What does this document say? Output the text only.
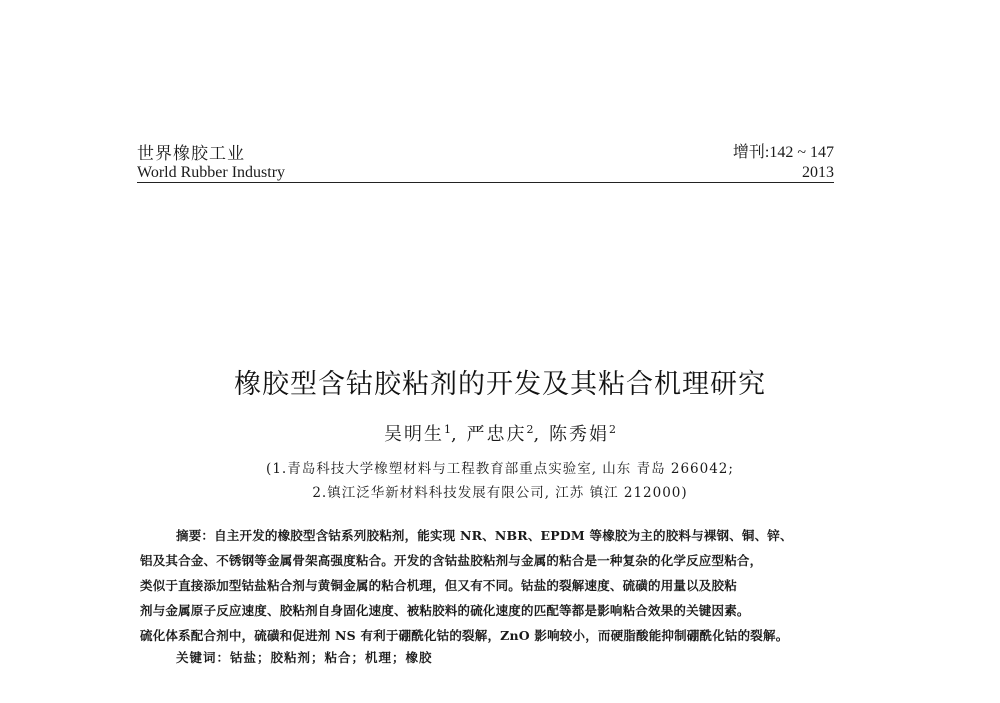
世界橡胶工业
World Rubber Industry
增刊:142 ~ 147
2013
橡胶型含钴胶粘剂的开发及其粘合机理研究
吴明生$^1$, 严忠庆$^2$, 陈秀娟$^2$
(1.青岛科技大学橡塑材料与工程教育部重点实验室, 山东 青岛 266042;
2.镇江泛华新材料科技发展有限公司, 江苏 镇江 212000)
摘要：自主开发的橡胶型含钴系列胶粘剂，能实现 NR、NBR、EPDM 等橡胶为主的胶料与裸钢、铜、锌、
铝及其合金、不锈钢等金属骨架高强度粘合。开发的含钴盐胶粘剂与金属的粘合是一种复杂的化学反应型粘合，
类似于直接添加型钴盐粘合剂与黄铜金属的粘合机理，但又有不同。钴盐的裂解速度、硫磺的用量以及胶粘
剂与金属原子反应速度、胶粘剂自身固化速度、被粘胶料的硫化速度的匹配等都是影响粘合效果的关键因素。
硫化体系配合剂中，硫磺和促进剂 NS 有利于硼酰化钴的裂解，ZnO 影响较小，而硬脂酸能抑制硼酰化钴的裂解。
关键词：钴盐；胶粘剂；粘合；机理；橡胶
